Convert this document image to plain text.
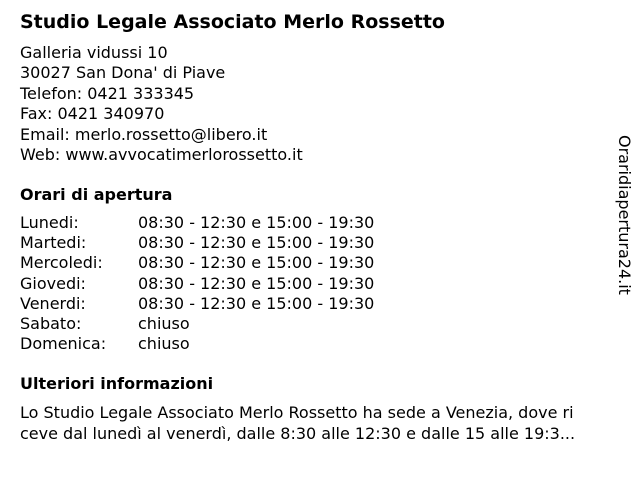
Studio Legale Associato Merlo Rossetto
Galleria vidussi 10
30027 San Dona' di Piave
Telefon: 0421 333345
Fax: 0421 340970
Email: merlo.rossetto@libero.it
Web: www.avvocatimerlorossetto.it
Orari di apertura
Lunedi:	08:30 - 12:30 e 15:00 - 19:30
Martedi:	08:30 - 12:30 e 15:00 - 19:30
Mercoledi: 08:30 - 12:30 e 15:00 - 19:30
Giovedi:	08:30 - 12:30 e 15:00 - 19:30
Venerdi:	08:30 - 12:30 e 15:00 - 19:30
Sabato:	chiuso
Domenica: chiuso
Ulteriori informazioni
Lo Studio Legale Associato Merlo Rossetto ha sede a Venezia, dove ri
ceve dal lunedì al venerdì, dalle 8:30 alle 12:30 e dalle 15 alle 19:3...
Oraridiapertura24.it
